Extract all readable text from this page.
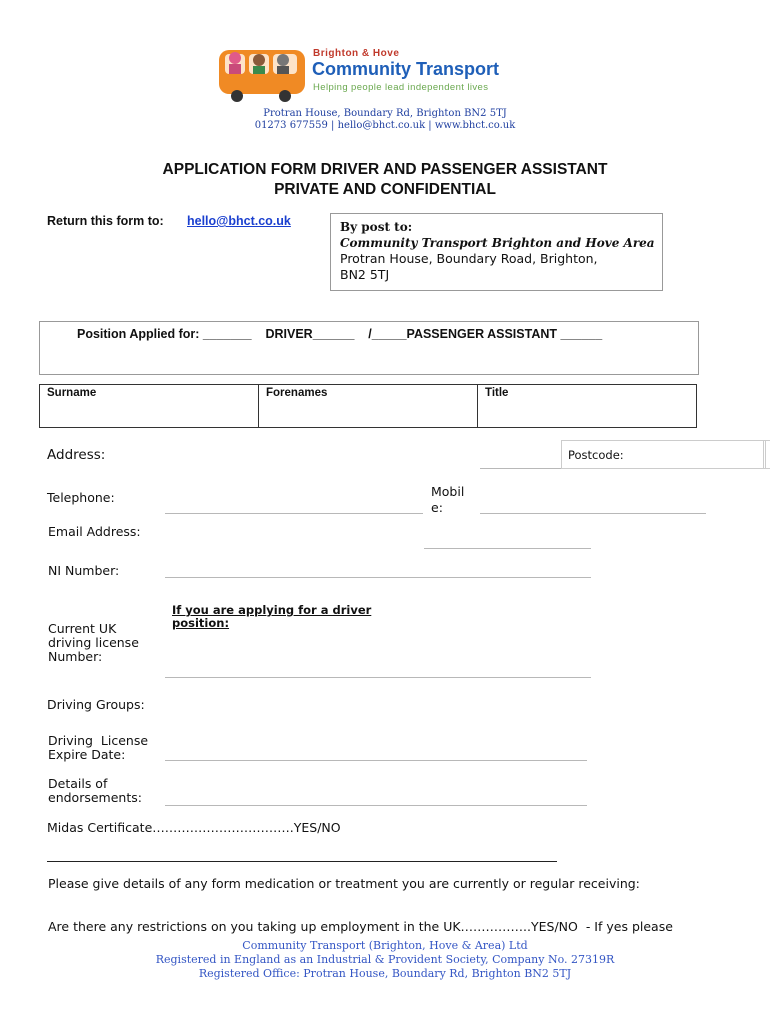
Brighton & Hove
Community Transport
Helping people lead independent lives
Protran House, Boundary Rd, Brighton BN2 5TJ
01273 677559 | hello@bhct.co.uk | www.bhct.co.uk
APPLICATION FORM DRIVER AND PASSENGER ASSISTANT
PRIVATE AND CONFIDENTIAL
Return this form to: hello@bhct.co.uk	By post to:
Community Transport Brighton and Hove Area
Protran House, Boundary Road, Brighton,
BN2 5TJ
Position Applied for: _______    DRIVER______    /_____PASSENGER ASSISTANT ______
Surname	Forenames	Title
Address:	Postcode:
Telephone:	Mobil
e:
Email Address:
NI Number:
If you are applying for a driver
position:
Current UK
driving license
Number:
Driving Groups:
Driving  License
Expire Date:
Details of
endorsements:
Midas Certificate…………………………….YES/NO
Please give details of any form medication or treatment you are currently or regular receiving:
Are there any restrictions on you taking up employment in the UK……………..YES/NO  - If yes please
Community Transport (Brighton, Hove & Area) Ltd
Registered in England as an Industrial & Provident Society, Company No. 27319R
Registered Office: Protran House, Boundary Rd, Brighton BN2 5TJ
